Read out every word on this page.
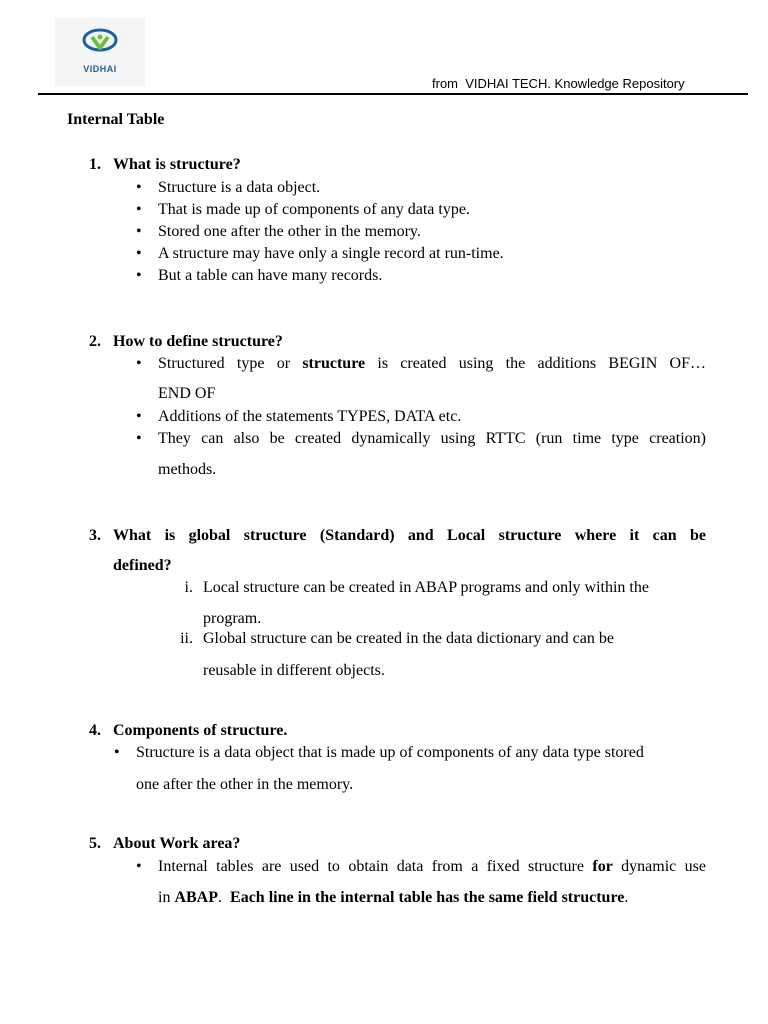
VIDHAI
from  VIDHAI TECH. Knowledge Repository
Internal Table
1. What is structure?
• Structure is a data object.
• That is made up of components of any data type.
• Stored one after the other in the memory.
• A structure may have only a single record at run-time.
• But a table can have many records.
2. How to define structure?
• Structured type or structure is created using the additions BEGIN OF…
END OF
• Additions of the statements TYPES, DATA etc.
• They can also be created dynamically using RTTC (run time type creation)
methods.
3. What is global structure (Standard) and Local structure where it can be
defined?
i. Local structure can be created in ABAP programs and only within the
program.
ii. Global structure can be created in the data dictionary and can be
reusable in different objects.
4. Components of structure.
• Structure is a data object that is made up of components of any data type stored
one after the other in the memory.
5. About Work area?
• Internal tables are used to obtain data from a fixed structure for dynamic use
in ABAP.  Each line in the internal table has the same field structure.
